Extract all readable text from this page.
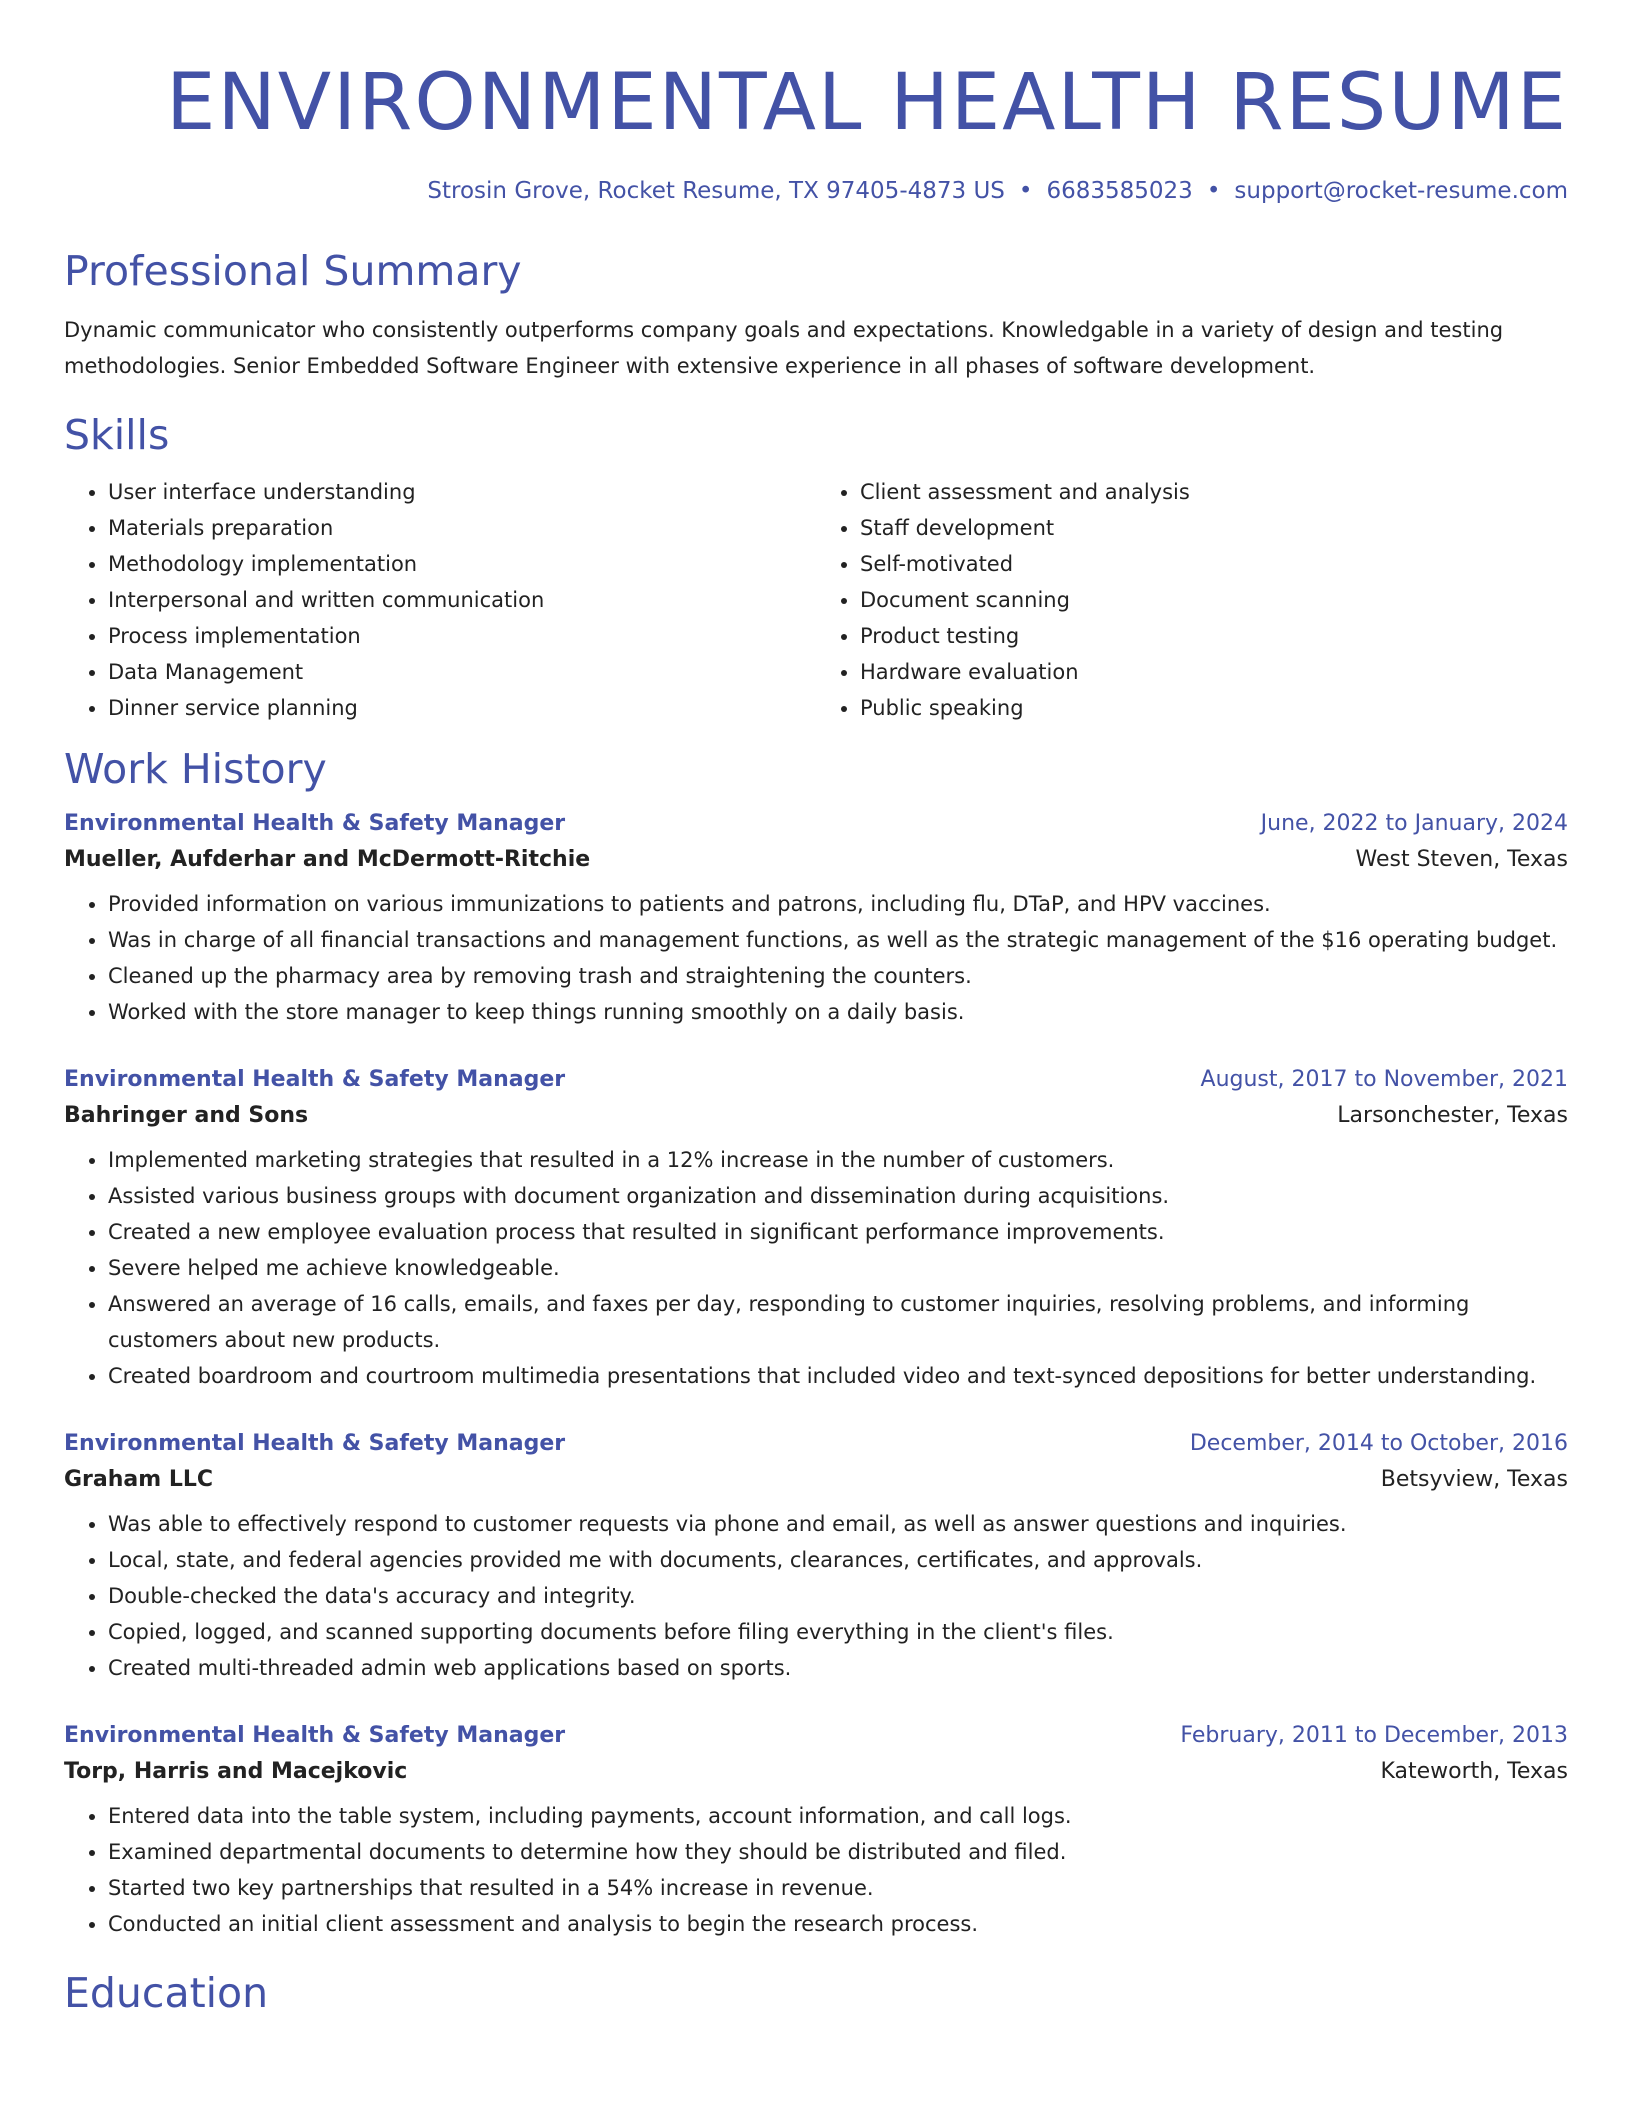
ENVIRONMENTAL HEALTH RESUME
Strosin Grove, Rocket Resume, TX 97405-4873 US • 6683585023 • support@rocket-resume.com
Professional Summary
Dynamic communicator who consistently outperforms company goals and expectations. Knowledgable in a variety of design and testing methodologies. Senior Embedded Software Engineer with extensive experience in all phases of software development.
Skills
• User interface understanding
• Materials preparation
• Methodology implementation
• Interpersonal and written communication
• Process implementation
• Data Management
• Dinner service planning
• Client assessment and analysis
• Staff development
• Self-motivated
• Document scanning
• Product testing
• Hardware evaluation
• Public speaking
Work History
Environmental Health & Safety Manager	June, 2022 to January, 2024
Mueller, Aufderhar and McDermott-Ritchie	West Steven, Texas
• Provided information on various immunizations to patients and patrons, including flu, DTaP, and HPV vaccines.
• Was in charge of all financial transactions and management functions, as well as the strategic management of the $16 operating budget.
• Cleaned up the pharmacy area by removing trash and straightening the counters.
• Worked with the store manager to keep things running smoothly on a daily basis.
Environmental Health & Safety Manager	August, 2017 to November, 2021
Bahringer and Sons	Larsonchester, Texas
• Implemented marketing strategies that resulted in a 12% increase in the number of customers.
• Assisted various business groups with document organization and dissemination during acquisitions.
• Created a new employee evaluation process that resulted in significant performance improvements.
• Severe helped me achieve knowledgeable.
• Answered an average of 16 calls, emails, and faxes per day, responding to customer inquiries, resolving problems, and informing customers about new products.
• Created boardroom and courtroom multimedia presentations that included video and text-synced depositions for better understanding.
Environmental Health & Safety Manager	December, 2014 to October, 2016
Graham LLC	Betsyview, Texas
• Was able to effectively respond to customer requests via phone and email, as well as answer questions and inquiries.
• Local, state, and federal agencies provided me with documents, clearances, certificates, and approvals.
• Double-checked the data's accuracy and integrity.
• Copied, logged, and scanned supporting documents before filing everything in the client's files.
• Created multi-threaded admin web applications based on sports.
Environmental Health & Safety Manager	February, 2011 to December, 2013
Torp, Harris and Macejkovic	Kateworth, Texas
• Entered data into the table system, including payments, account information, and call logs.
• Examined departmental documents to determine how they should be distributed and filed.
• Started two key partnerships that resulted in a 54% increase in revenue.
• Conducted an initial client assessment and analysis to begin the research process.
Education
